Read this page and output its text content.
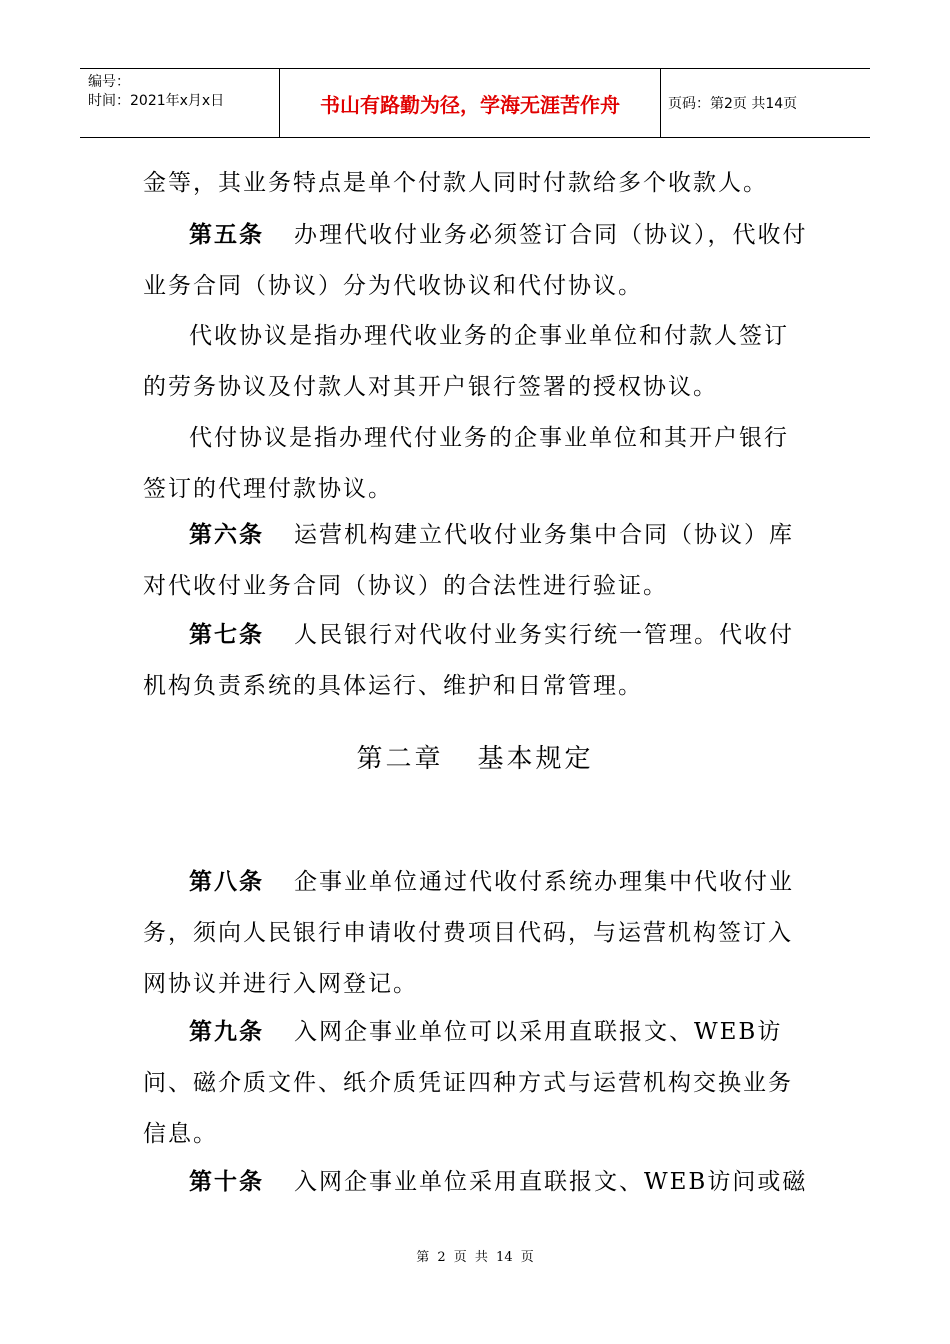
编号：
时间：2021年x月x日	书山有路勤为径，学海无涯苦作舟	页码：第2页 共14页

金等，其业务特点是单个付款人同时付款给多个收款人。

第五条 办理代收付业务必须签订合同（协议），代收付业务合同（协议）分为代收协议和代付协议。

代收协议是指办理代收业务的企事业单位和付款人签订的劳务协议及付款人对其开户银行签署的授权协议。

代付协议是指办理代付业务的企事业单位和其开户银行签订的代理付款协议。

第六条 运营机构建立代收付业务集中合同（协议）库对代收付业务合同（协议）的合法性进行验证。

第七条 人民银行对代收付业务实行统一管理。代收付机构负责系统的具体运行、维护和日常管理。

第二章 基本规定

第八条 企事业单位通过代收付系统办理集中代收付业务，须向人民银行申请收付费项目代码，与运营机构签订入网协议并进行入网登记。

第九条 入网企事业单位可以采用直联报文、WEB访问、磁介质文件、纸介质凭证四种方式与运营机构交换业务信息。

第十条 入网企事业单位采用直联报文、WEB访问或磁

第 2 页 共 14 页
